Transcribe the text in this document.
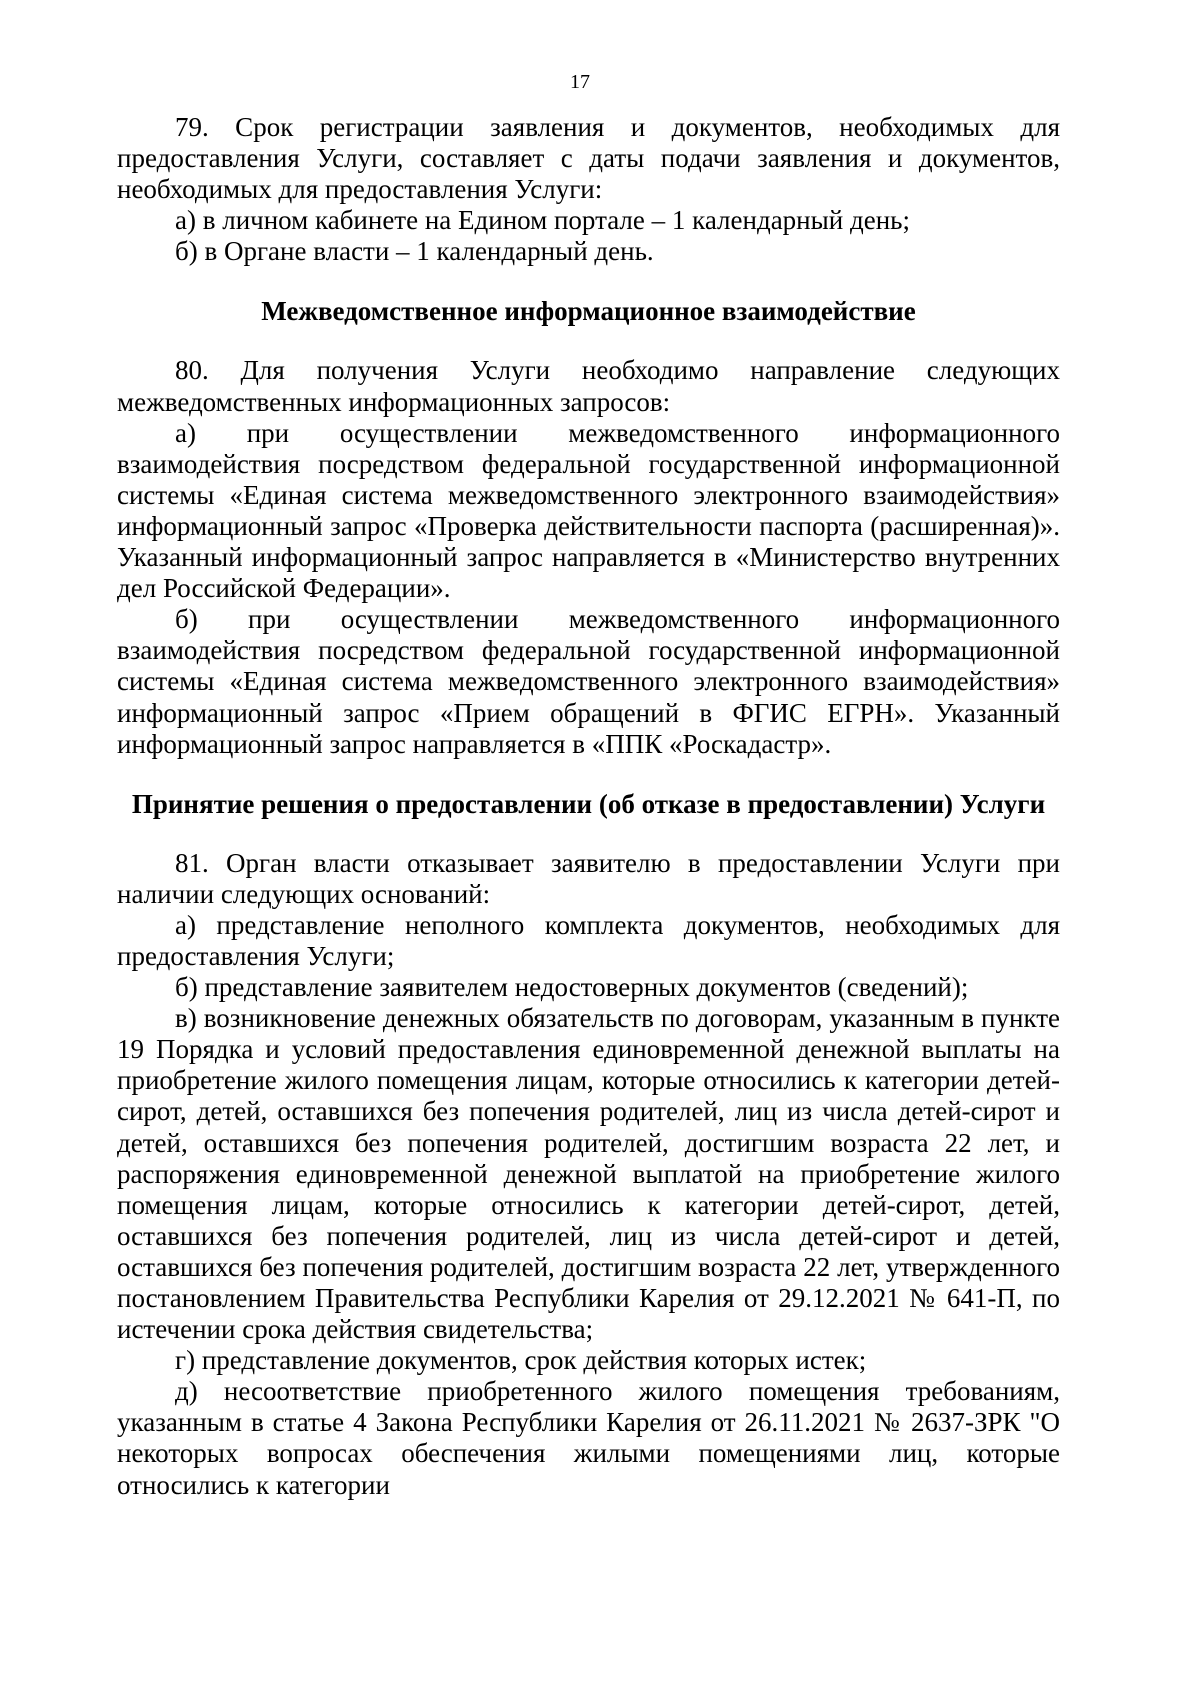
17

79. Срок регистрации заявления и документов, необходимых для предоставления Услуги, составляет с даты подачи заявления и документов, необходимых для предоставления Услуги:

а) в личном кабинете на Едином портале – 1 календарный день;

б) в Органе власти – 1 календарный день.

Межведомственное информационное взаимодействие

80. Для получения Услуги необходимо направление следующих межведомственных информационных запросов:

а) при осуществлении межведомственного информационного взаимодействия посредством федеральной государственной информационной системы «Единая система межведомственного электронного взаимодействия» информационный запрос «Проверка действительности паспорта (расширенная)». Указанный информационный запрос направляется в «Министерство внутренних дел Российской Федерации».

б) при осуществлении межведомственного информационного взаимодействия посредством федеральной государственной информационной системы «Единая система межведомственного электронного взаимодействия» информационный запрос «Прием обращений в ФГИС ЕГРН». Указанный информационный запрос направляется в «ППК «Роскадастр».

Принятие решения о предоставлении (об отказе в предоставлении) Услуги

81. Орган власти отказывает заявителю в предоставлении Услуги при наличии следующих оснований:

а) представление неполного комплекта документов, необходимых для предоставления Услуги;

б) представление заявителем недостоверных документов (сведений);

в) возникновение денежных обязательств по договорам, указанным в пункте 19 Порядка и условий предоставления единовременной денежной выплаты на приобретение жилого помещения лицам, которые относились к категории детей-сирот, детей, оставшихся без попечения родителей, лиц из числа детей-сирот и детей, оставшихся без попечения родителей, достигшим возраста 22 лет, и распоряжения единовременной денежной выплатой на приобретение жилого помещения лицам, которые относились к категории детей-сирот, детей, оставшихся без попечения родителей, лиц из числа детей-сирот и детей, оставшихся без попечения родителей, достигшим возраста 22 лет, утвержденного постановлением Правительства Республики Карелия от 29.12.2021 № 641-П, по истечении срока действия свидетельства;

г) представление документов, срок действия которых истек;

д) несоответствие приобретенного жилого помещения требованиям, указанным в статье 4 Закона Республики Карелия от 26.11.2021 № 2637-ЗРК "О некоторых вопросах обеспечения жилыми помещениями лиц, которые относились к категории
